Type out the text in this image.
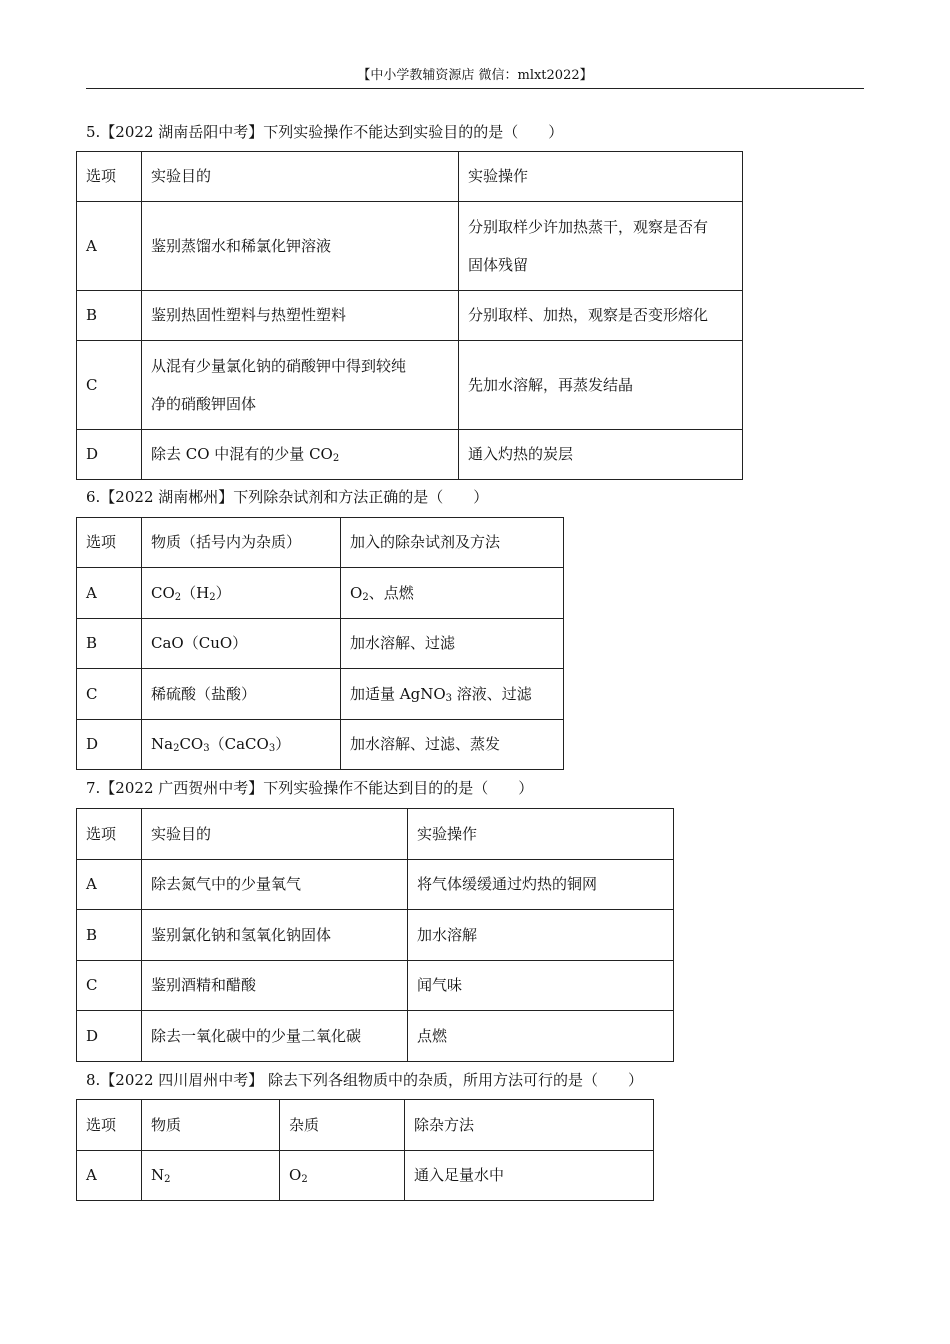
【中小学教辅资源店 微信：mlxt2022】
5.【2022 湖南岳阳中考】下列实验操作不能达到实验目的的是（　　）
选项	实验目的	实验操作
A	鉴别蒸馏水和稀氯化钾溶液	分别取样少许加热蒸干，观察是否有
固体残留
B	鉴别热固性塑料与热塑性塑料	分别取样、加热，观察是否变形熔化
C	从混有少量氯化钠的硝酸钾中得到较纯
净的硝酸钾固体	先加水溶解，再蒸发结晶
D	除去 CO 中混有的少量 $CO_2$	通入灼热的炭层
6.【2022 湖南郴州】下列除杂试剂和方法正确的是（　　）
选项	物质（括号内为杂质）	加入的除杂试剂及方法
A	$CO_2(H_2)$	$O_2$、点燃
B	CaO（CuO）	加水溶解、过滤
C	稀硫酸（盐酸）	加适量 AgNO$_3$ 溶液、过滤
D	$Na_2CO_3(CaCO_3)$	加水溶解、过滤、蒸发
7.【2022 广西贺州中考】下列实验操作不能达到目的的是（　　）
选项	实验目的	实验操作
A	除去氮气中的少量氧气	将气体缓缓通过灼热的铜网
B	鉴别氯化钠和氢氧化钠固体	加水溶解
C	鉴别酒精和醋酸	闻气味
D	除去一氧化碳中的少量二氧化碳	点燃
8.【2022 四川眉州中考】 除去下列各组物质中的杂质，所用方法可行的是（　　）
选项	物质	杂质	除杂方法
A	$N_2$	$O_2$	通入足量水中
